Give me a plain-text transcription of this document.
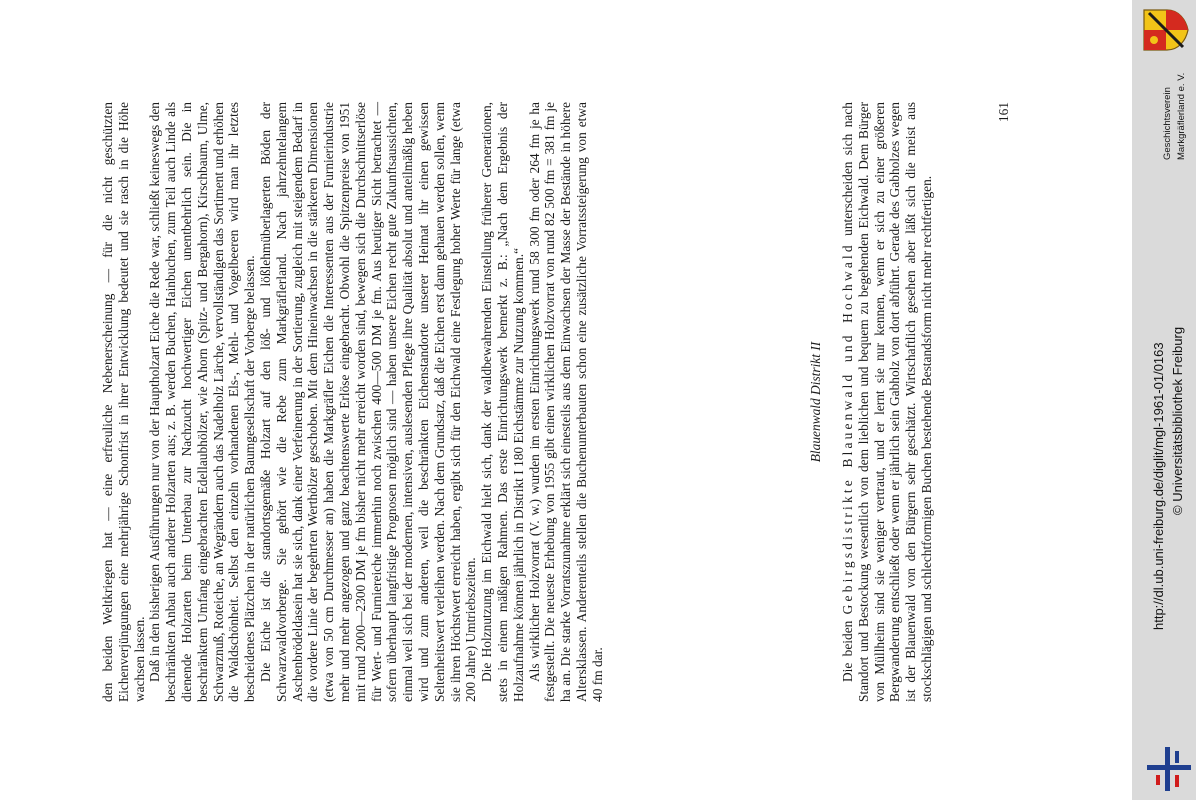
den beiden Weltkriegen hat — eine erfreuliche Nebenerscheinung — für die nicht geschützten Eichenverjüngungen eine mehrjährige Schonfrist in ihrer Entwicklung bedeutet und sie rasch in die Höhe wachsen lassen. Daß in den bisherigen Ausführungen nur von der Hauptholzart Eiche die Rede war, schließt keineswegs den beschränkten Anbau auch anderer Holzarten aus; z. B. werden Buchen, Hainbuchen, zum Teil auch Linde als dienende Holzarten beim Unterbau zur Nachzucht hochwertiger Eichen unentbehrlich sein. Die in beschränktem Umfang eingebrachten Edellaubhölzer, wie Ahorn (Spitz- und Bergahorn), Kirschbaum, Ulme, Schwarznuß, Roteiche, an Wegrändern auch das Nadelholz Lärche, vervollständigen das Sortiment und erhöhen die Waldschönheit. Selbst den einzeln vorhandenen Els-, Mehl- und Vogelbeeren wird man ihr letztes bescheidenes Plätzchen in der natürlichen Baumgesellschaft der Vorberge belassen. Die Eiche ist die standortsgemäße Holzart auf den löß- und lößlehmüberlagerten Böden der Schwarzwaldvorberge. Sie gehört wie die Rebe zum Markgräflerland. Nach jahrzehntelangem Aschenbrödeldasein hat sie sich, dank einer Verfeinerung in der Sortierung, zugleich mit steigendem Bedarf in die vordere Linie der begehrten Werthölzer geschoben. Mit dem Hineinwachsen in die stärkeren Dimensionen (etwa von 50 cm Durchmesser an) haben die Markgräfler Eichen die Interessenten aus der Furnierindustrie mehr und mehr angezogen und ganz beachtenswerte Erlöse eingebracht. Obwohl die Spitzenpreise von 1951 mit rund 2000—2300 DM je fm bisher nicht mehr erreicht worden sind, bewegen sich die Durchschnittserlöse für Wert- und Furniereiche immerhin noch zwischen 400—500 DM je fm. Aus heutiger Sicht betrachtet — sofern überhaupt langfristige Prognosen möglich sind — haben unsere Eichen recht gute Zukunftsaussichten, einmal weil sich bei der modernen, intensiven, auslesenden Pflege ihre Qualität absolut und anteilmäßig heben wird und zum anderen, weil die beschränkten Eichenstandorte unserer Heimat ihr einen gewissen Seltenheitswert verleihen werden. Nach dem Grundsatz, daß die Eichen erst dann gehauen werden sollen, wenn sie ihren Höchstwert erreicht haben, ergibt sich für den Eichwald eine Festlegung hoher Werte für lange (etwa 200 Jahre) Umtriebszeiten. Die Holznutzung im Eichwald hielt sich, dank der waldbewahrenden Einstellung früherer Generationen, stets in einem mäßigen Rahmen. Das erste Einrichtungswerk bemerkt z. B.: „Nach dem Ergebnis der Holzaufnahme können jährlich in Distrikt I 180 Eichstämme zur Nutzung kommen.“ Als wirklicher Holzvorrat (V. w.) wurden im ersten Einrichtungswerk rund 58 300 fm oder 264 fm je ha festgestellt. Die neueste Erhebung von 1955 gibt einen wirklichen Holzvorrat von rund 82 500 fm = 381 fm je ha an. Die starke Vorratszunahme erklärt sich einesteils aus dem Einwachsen der Masse der Bestände in höhere Altersklassen. Anderenteils stellen die Buchenunterbauten schon eine zusätzliche Vorratssteigerung von etwa 40 fm dar.

Blauenwald Distrikt II

Die beiden Gebirgsdistrikte Blauenwald und Hochwald unterscheiden sich nach Standort und Bestockung wesentlich von dem lieblichen und bequem zu begehenden Eichwald. Dem Bürger von Müllheim sind sie weniger vertraut, und er lernt sie nur kennen, wenn er sich zu einer größeren Bergwanderung entschließt oder wenn er jährlich sein Gabholz von dort abführt. Gerade des Gabholzes wegen ist der Blauenwald von den Bürgern sehr geschätzt. Wirtschaftlich gesehen aber läßt sich die meist aus stockschlägigen und schlechtformigen Buchen bestehende Bestandsform nicht mehr rechtfertigen.

161	Geschichtsverein Markgräflerland e. V.
http://dl.ub.uni-freiburg.de/diglit/mgl-1961-01/0163 © Universitätsbibliothek Freiburg
